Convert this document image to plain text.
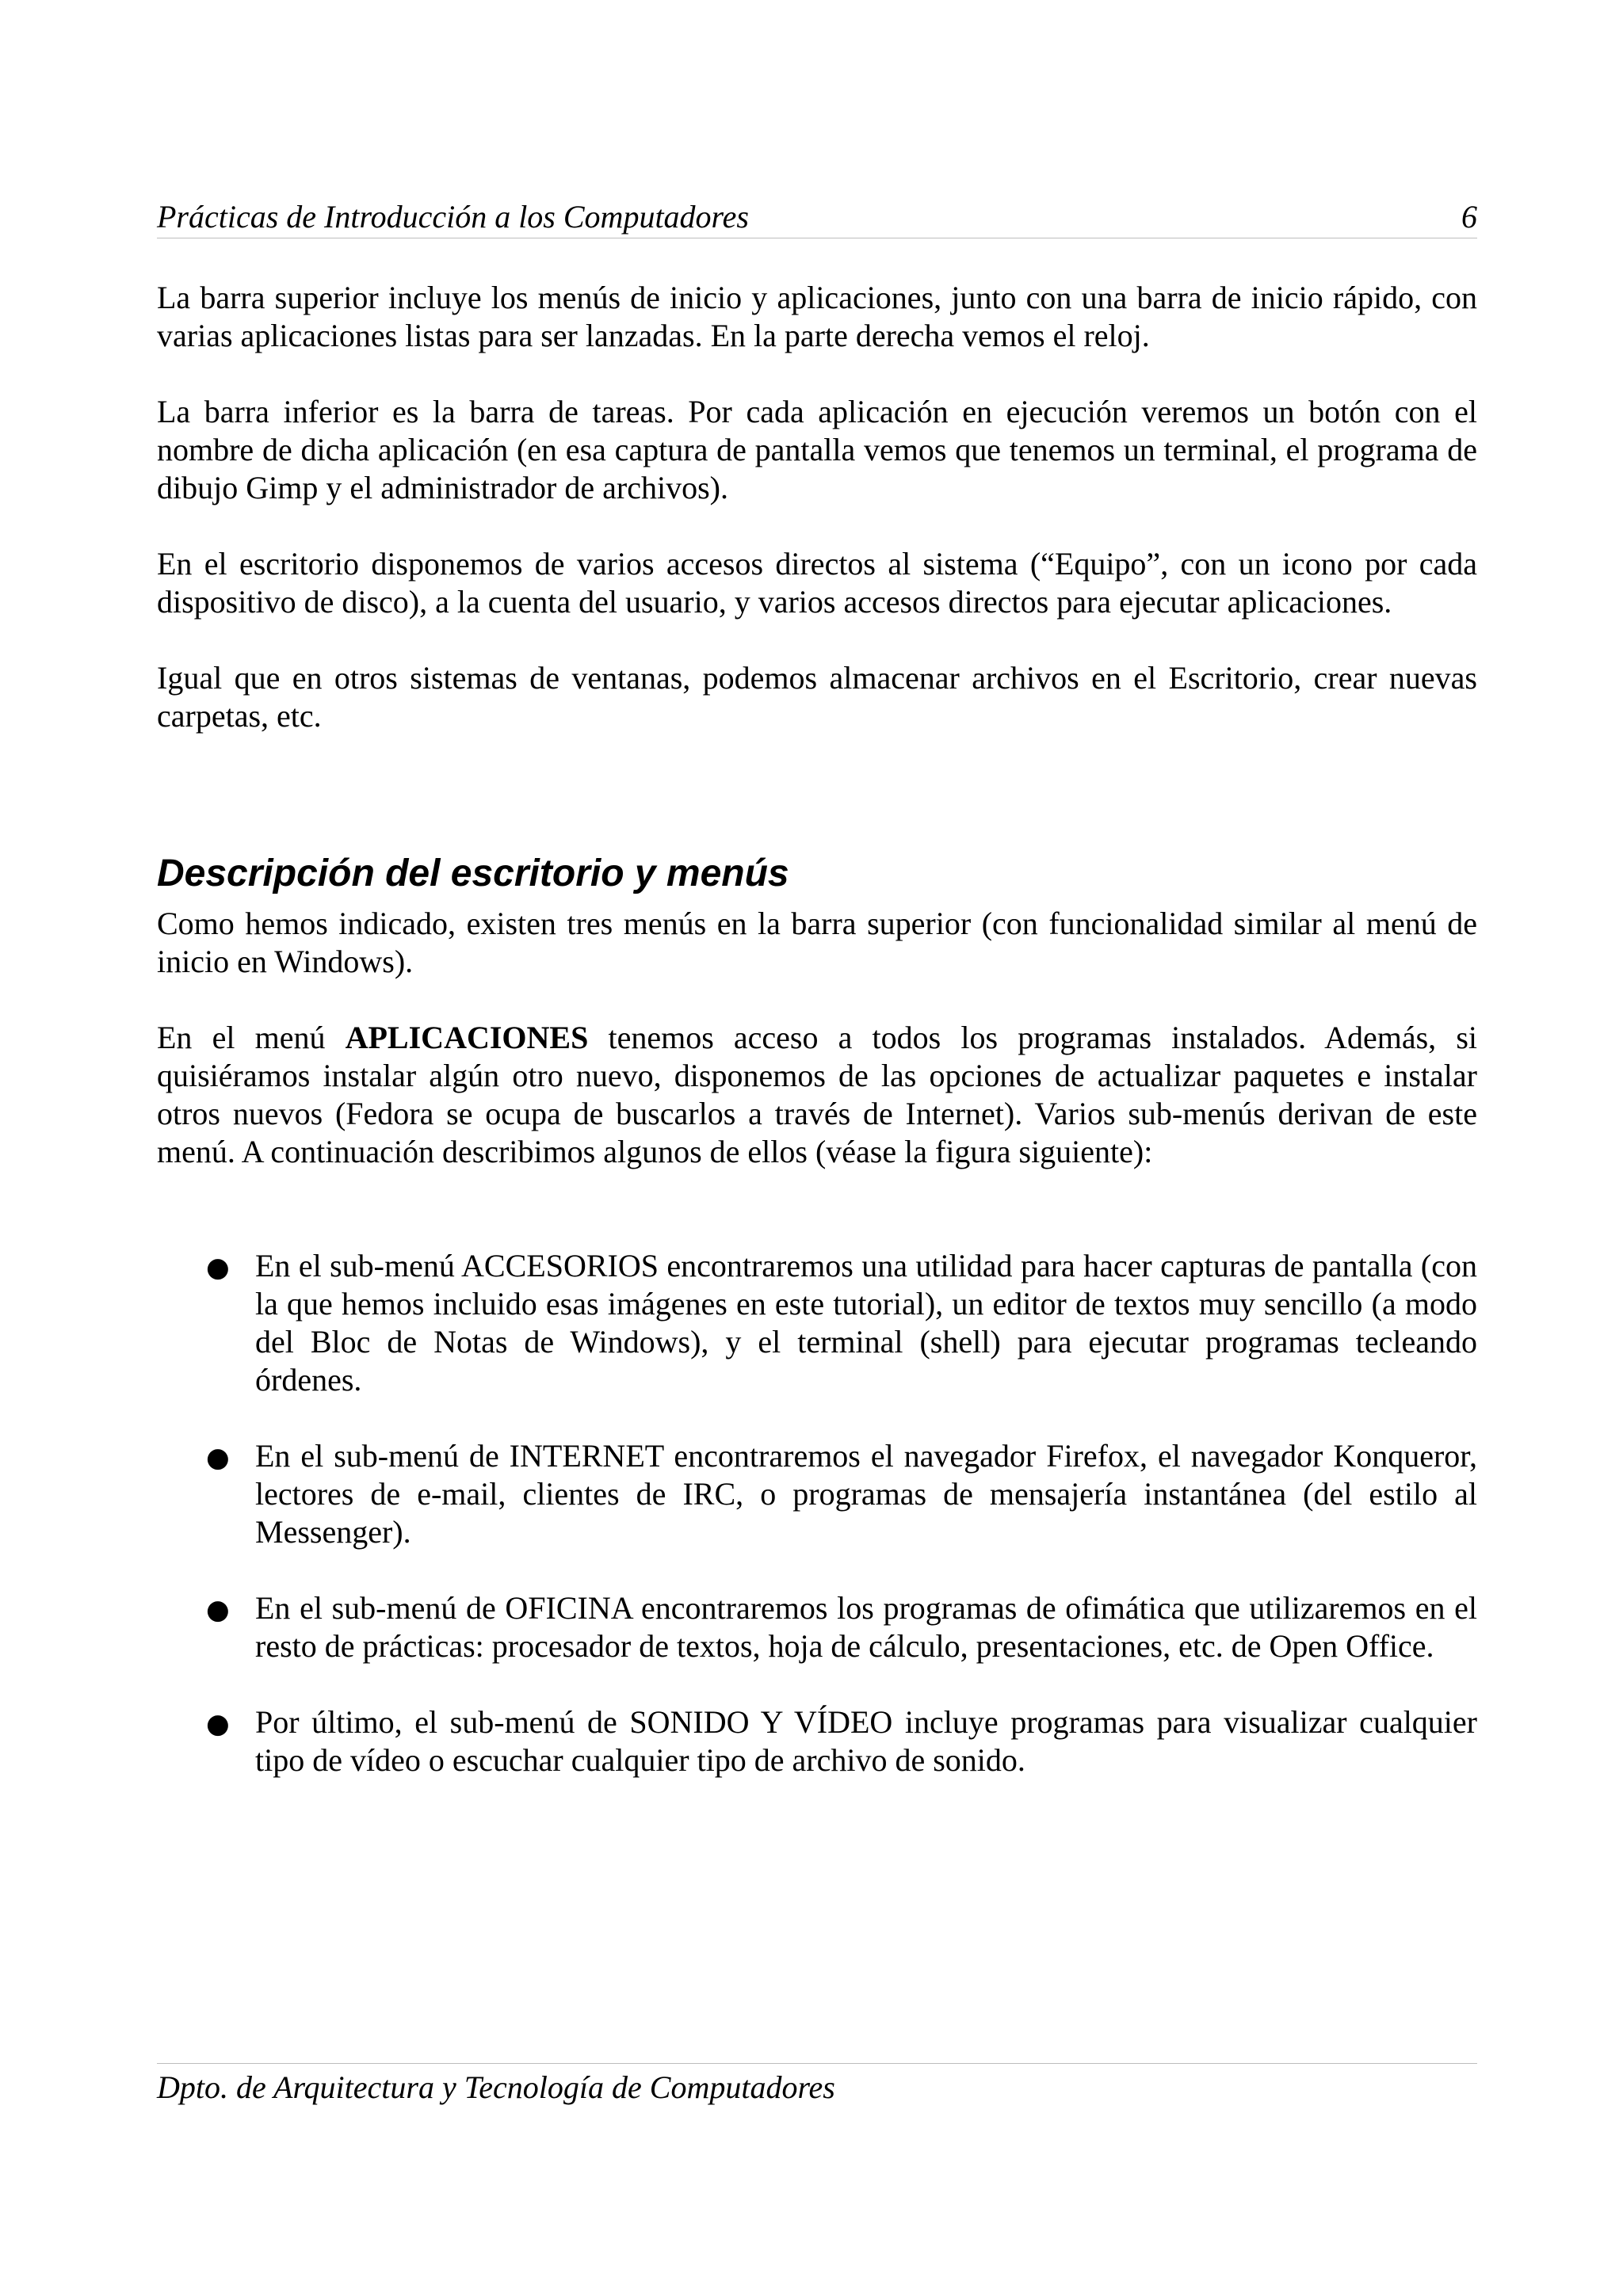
Prácticas de Introducción a los Computadores	6

La barra superior incluye los menús de inicio y aplicaciones, junto con una barra de inicio rápido, con varias aplicaciones listas para ser lanzadas. En la parte derecha vemos el reloj.

La barra inferior es la barra de tareas. Por cada aplicación en ejecución veremos un botón con el nombre de dicha aplicación (en esa captura de pantalla vemos que tenemos un terminal, el programa de dibujo Gimp y el administrador de archivos).

En el escritorio disponemos de varios accesos directos al sistema (“Equipo”, con un icono por cada dispositivo de disco), a la cuenta del usuario, y varios accesos directos para ejecutar aplicaciones.

Igual que en otros sistemas de ventanas, podemos almacenar archivos en el Escritorio, crear nuevas carpetas, etc.

Descripción del escritorio y menús

Como hemos indicado, existen tres menús en la barra superior (con funcionalidad similar al menú de inicio en Windows).

En el menú APLICACIONES tenemos acceso a todos los programas instalados. Además, si quisiéramos instalar algún otro nuevo, disponemos de las opciones de actualizar paquetes e instalar otros nuevos (Fedora se ocupa de buscarlos a través de Internet). Varios sub-menús derivan de este menú. A continuación describimos algunos de ellos (véase la figura siguiente):

● En el sub-menú ACCESORIOS encontraremos una utilidad para hacer capturas de pantalla (con la que hemos incluido esas imágenes en este tutorial), un editor de textos muy sencillo (a modo del Bloc de Notas de Windows), y el terminal (shell) para ejecutar programas tecleando órdenes.
● En el sub-menú de INTERNET encontraremos el navegador Firefox, el navegador Konqueror, lectores de e-mail, clientes de IRC, o programas de mensajería instantánea (del estilo al Messenger).
● En el sub-menú de OFICINA encontraremos los programas de ofimática que utilizaremos en el resto de prácticas: procesador de textos, hoja de cálculo, presentaciones, etc. de Open Office.
● Por último, el sub-menú de SONIDO Y VÍDEO incluye programas para visualizar cualquier tipo de vídeo o escuchar cualquier tipo de archivo de sonido.
Dpto. de Arquitectura y Tecnología de Computadores
